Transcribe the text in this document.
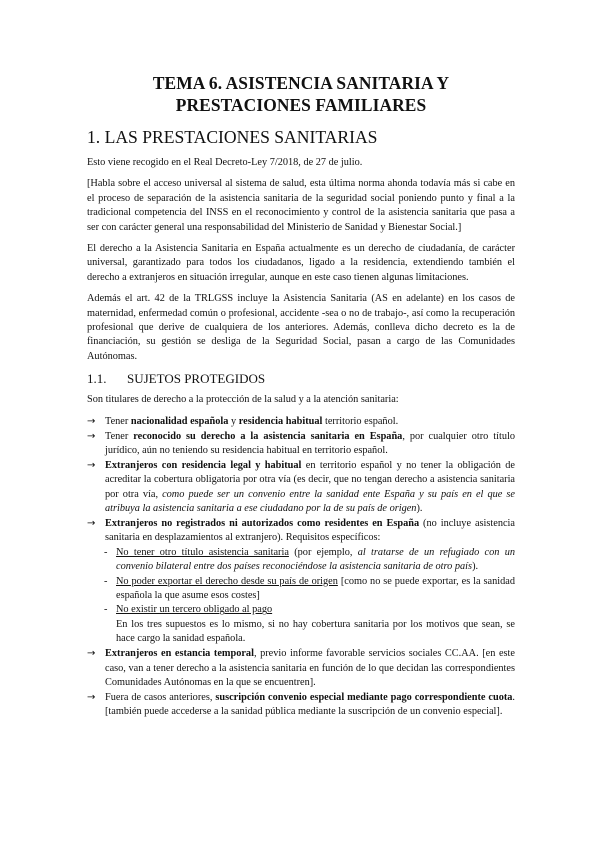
TEMA 6. ASISTENCIA SANITARIA Y
PRESTACIONES FAMILIARES
1. LAS PRESTACIONES SANITARIAS

Esto viene recogido en el Real Decreto-Ley 7/2018, de 27 de julio.

[Habla sobre el acceso universal al sistema de salud, esta última norma ahonda todavía más si cabe en el proceso de separación de la asistencia sanitaria de la seguridad social poniendo punto y final a la tradicional competencia del INSS en el reconocimiento y control de la asistencia sanitaria que pasa a ser con carácter general una responsabilidad del Ministerio de Sanidad y Bienestar Social.]

El derecho a la Asistencia Sanitaria en España actualmente es un derecho de ciudadanía, de carácter universal, garantizado para todos los ciudadanos, ligado a la residencia, extendiendo también el derecho a extranjeros en situación irregular, aunque en este caso tienen algunas limitaciones.

Además el art. 42 de la TRLGSS incluye la Asistencia Sanitaria (AS en adelante) en los casos de maternidad, enfermedad común o profesional, accidente -sea o no de trabajo-, así como la recuperación profesional que derive de cualquiera de los anteriores. Además, conlleva dicho decreto es la de financiación, su gestión se desliga de la Seguridad Social, pasan a cargo de las Comunidades Autónomas.

1.1. SUJETOS PROTEGIDOS

Son titulares de derecho a la protección de la salud y a la atención sanitaria:

→ Tener nacionalidad española y residencia habitual territorio español.
→ Tener reconocido su derecho a la asistencia sanitaria en España, por cualquier otro título jurídico, aún no teniendo su residencia habitual en territorio español.
→ Extranjeros con residencia legal y habitual en territorio español y no tener la obligación de acreditar la cobertura obligatoria por otra vía (es decir, que no tengan derecho a asistencia sanitaria por otra vía, como puede ser un convenio entre la sanidad ente España y su país en el que se atribuya la asistencia sanitaria a ese ciudadano por la de su país de origen).
→ Extranjeros no registrados ni autorizados como residentes en España (no incluye asistencia sanitaria en desplazamientos al extranjero). Requisitos específicos:
- No tener otro título asistencia sanitaria (por ejemplo, al tratarse de un refugiado con un convenio bilateral entre dos países reconociéndose la asistencia sanitaria de otro país).
- No poder exportar el derecho desde su país de origen [como no se puede exportar, es la sanidad española la que asume esos costes]
- No existir un tercero obligado al pago
En los tres supuestos es lo mismo, si no hay cobertura sanitaria por los motivos que sean, se hace cargo la sanidad española.
→ Extranjeros en estancia temporal, previo informe favorable servicios sociales CC.AA. [en este caso, van a tener derecho a la asistencia sanitaria en función de lo que decidan las correspondientes Comunidades Autónomas en la que se encuentren].
→ Fuera de casos anteriores, suscripción convenio especial mediante pago correspondiente cuota. [también puede accederse a la sanidad pública mediante la suscripción de un convenio especial].
